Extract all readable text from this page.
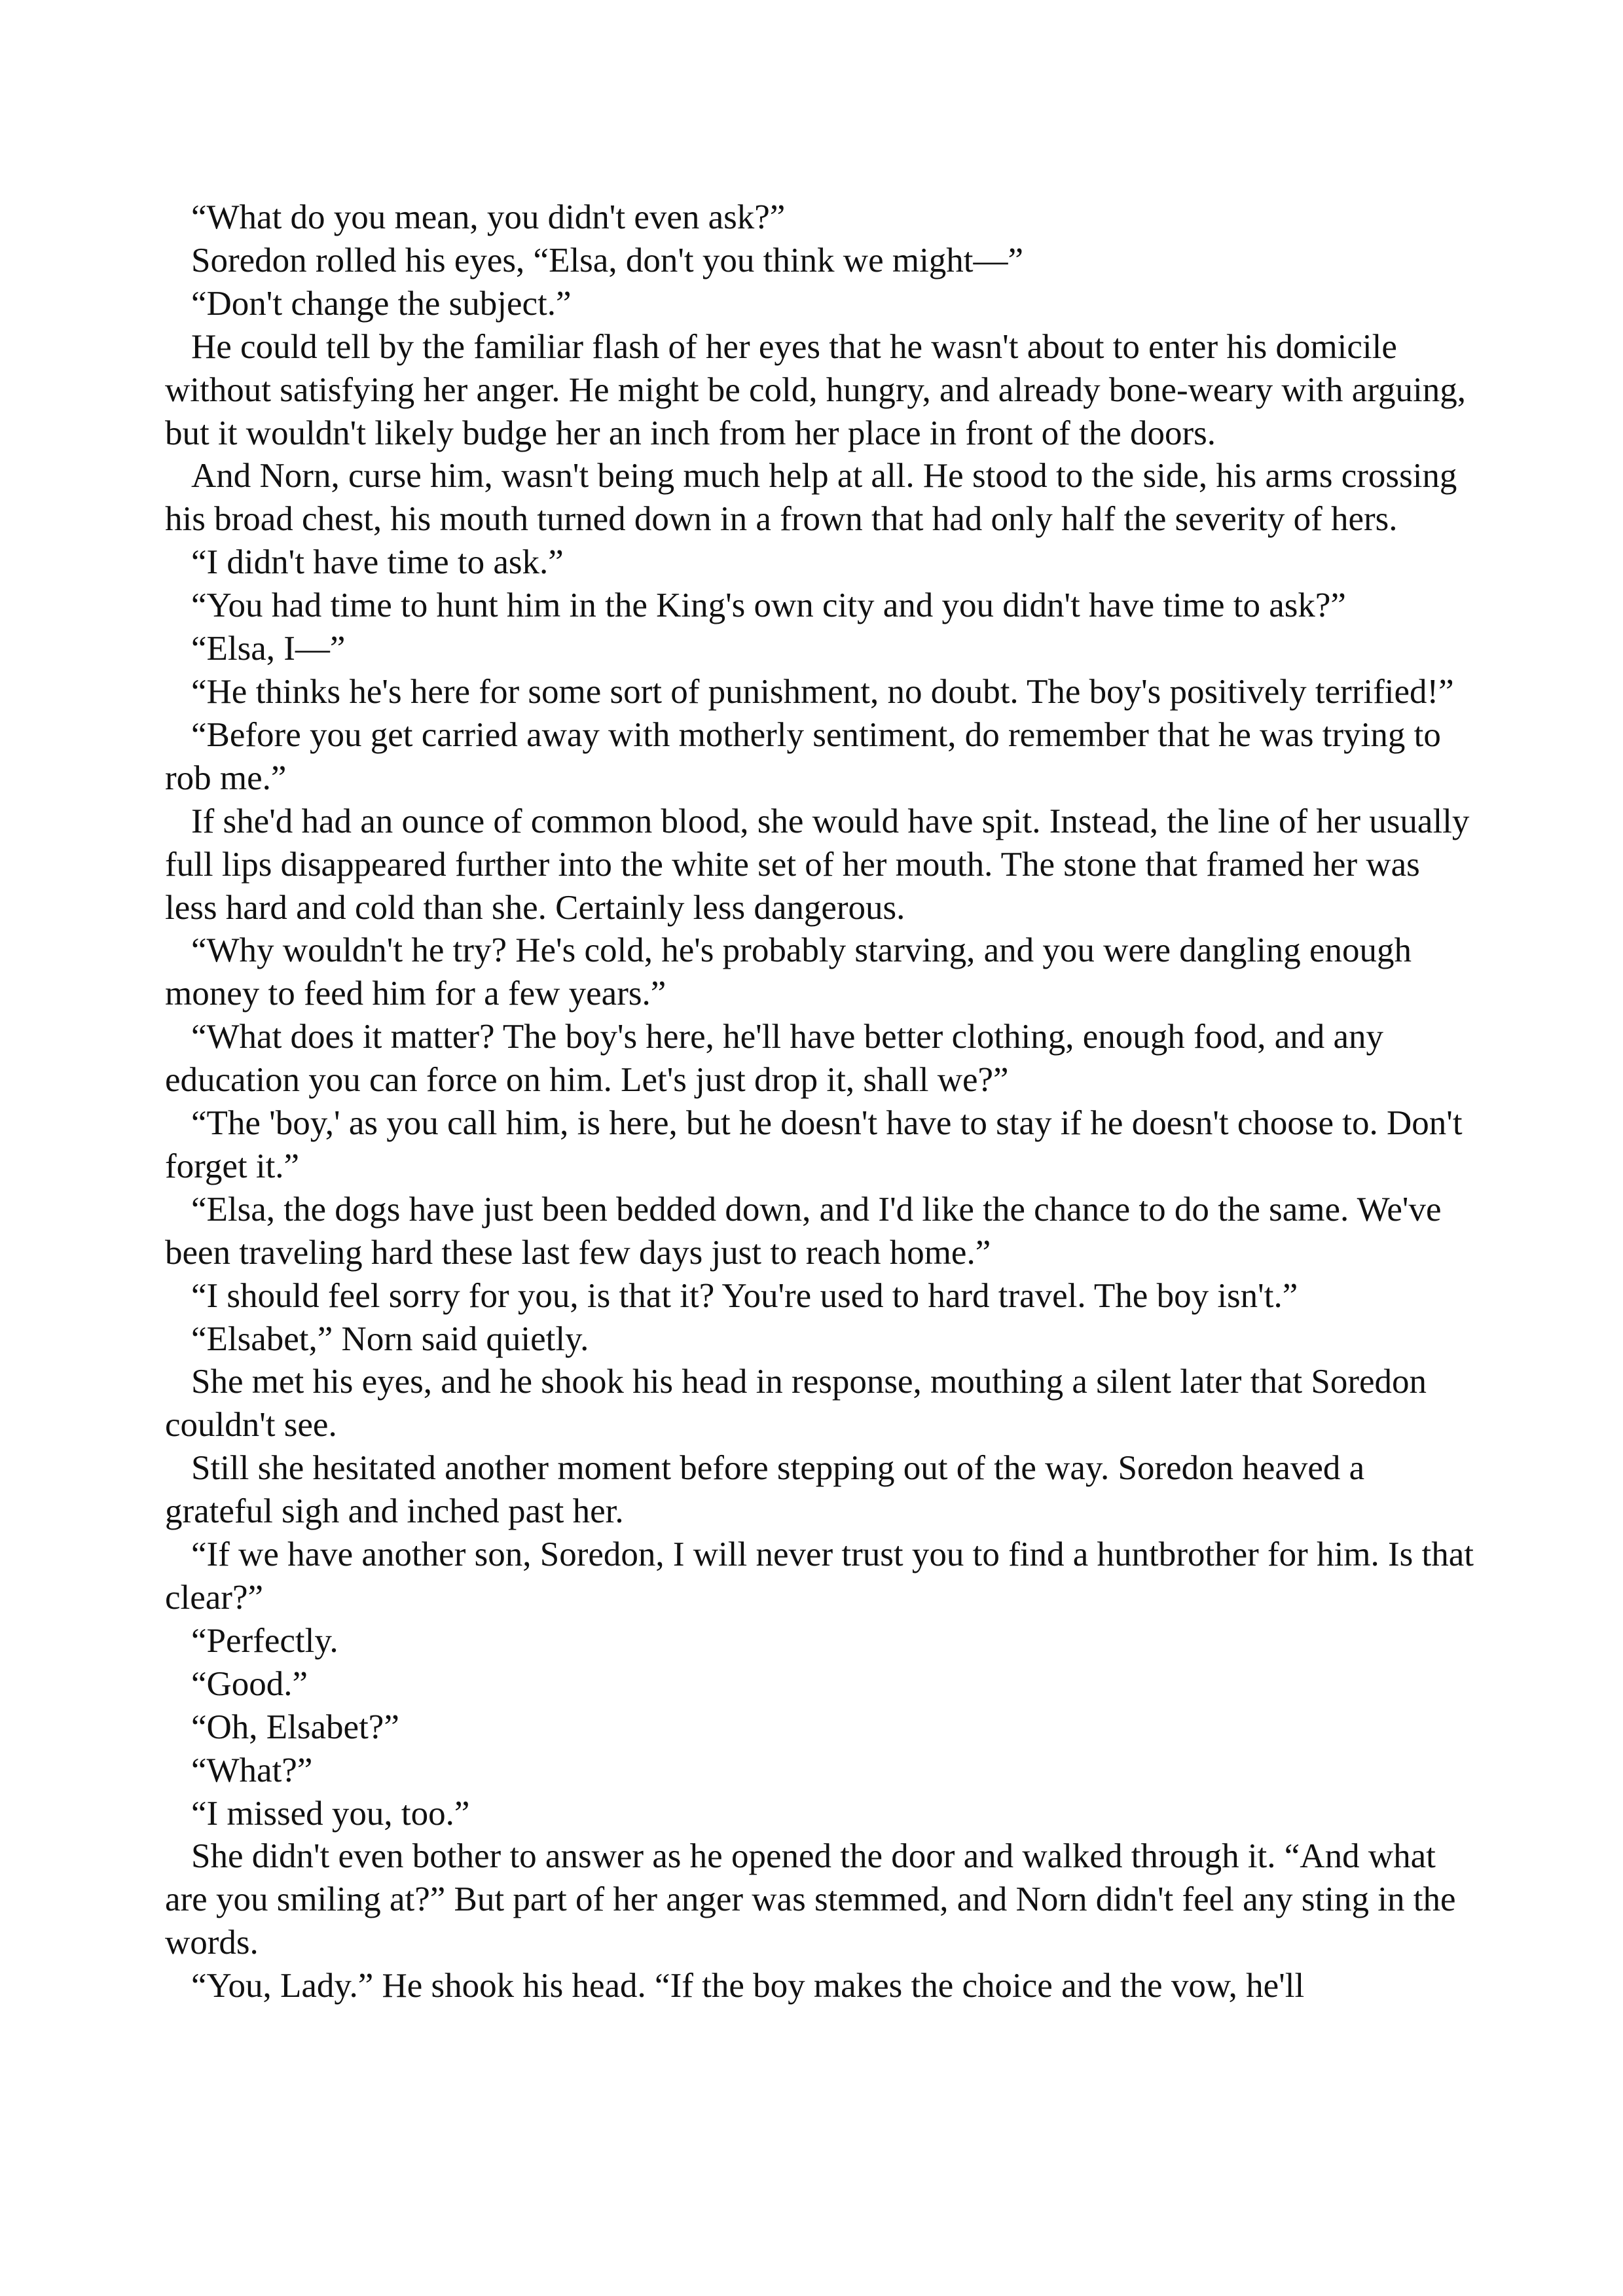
“What do you mean, you didn't even ask?”

Soredon rolled his eyes, “Elsa, don't you think we might—”

“Don't change the subject.”

He could tell by the familiar flash of her eyes that he wasn't about to enter his domicile without satisfying her anger. He might be cold, hungry, and already bone-weary with arguing, but it wouldn't likely budge her an inch from her place in front of the doors.

And Norn, curse him, wasn't being much help at all. He stood to the side, his arms crossing his broad chest, his mouth turned down in a frown that had only half the severity of hers.

“I didn't have time to ask.”

“You had time to hunt him in the King's own city and you didn't have time to ask?”

“Elsa, I—”

“He thinks he's here for some sort of punishment, no doubt. The boy's positively terrified!”

“Before you get carried away with motherly sentiment, do remember that he was trying to rob me.”

If she'd had an ounce of common blood, she would have spit. Instead, the line of her usually full lips disappeared further into the white set of her mouth. The stone that framed her was less hard and cold than she. Certainly less dangerous.

“Why wouldn't he try? He's cold, he's probably starving, and you were dangling enough money to feed him for a few years.”

“What does it matter? The boy's here, he'll have better clothing, enough food, and any education you can force on him. Let's just drop it, shall we?”

“The 'boy,' as you call him, is here, but he doesn't have to stay if he doesn't choose to. Don't forget it.”

“Elsa, the dogs have just been bedded down, and I'd like the chance to do the same. We've been traveling hard these last few days just to reach home.”

“I should feel sorry for you, is that it? You're used to hard travel. The boy isn't.”

“Elsabet,” Norn said quietly.

She met his eyes, and he shook his head in response, mouthing a silent later that Soredon couldn't see.

Still she hesitated another moment before stepping out of the way. Soredon heaved a grateful sigh and inched past her.

“If we have another son, Soredon, I will never trust you to find a huntbrother for him. Is that clear?”

“Perfectly.

“Good.”

“Oh, Elsabet?”

“What?”

“I missed you, too.”

She didn't even bother to answer as he opened the door and walked through it. “And what are you smiling at?” But part of her anger was stemmed, and Norn didn't feel any sting in the words.

“You, Lady.” He shook his head. “If the boy makes the choice and the vow, he'll
